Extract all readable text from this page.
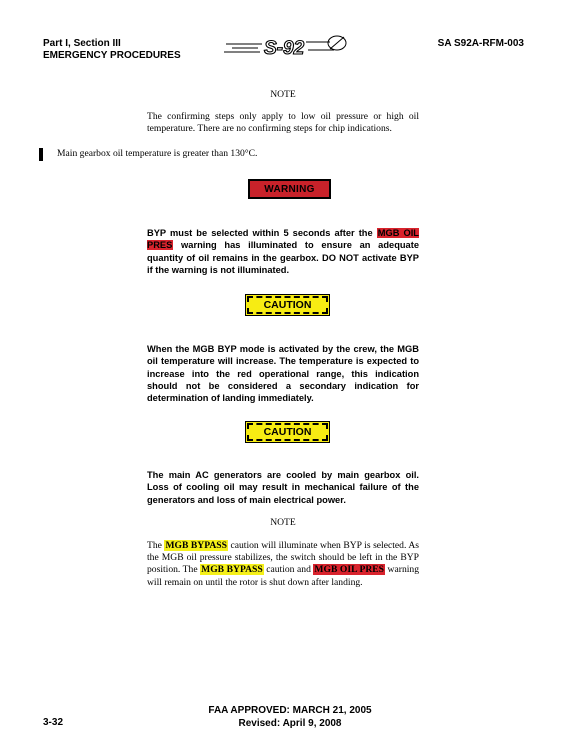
Part I, Section III
EMERGENCY PROCEDURES	S-92	SA S92A-RFM-003
NOTE
The confirming steps only apply to low oil pressure or high oil temperature. There are no confirming steps for chip indications.
Main gearbox oil temperature is greater than 130°C.
WARNING
BYP must be selected within 5 seconds after the MGB OIL PRES warning has illuminated to ensure an adequate quantity of oil remains in the gearbox. DO NOT activate BYP if the warning is not illuminated.
CAUTION
When the MGB BYP mode is activated by the crew, the MGB oil temperature will increase. The temperature is expected to increase into the red operational range, this indication should not be considered a secondary indication for determination of landing immediately.
CAUTION
The main AC generators are cooled by main gearbox oil. Loss of cooling oil may result in mechanical failure of the generators and loss of main electrical power.
NOTE
The MGB BYPASS caution will illuminate when BYP is selected. As the MGB oil pressure stabilizes, the switch should be left in the BYP position. The MGB BYPASS caution and MGB OIL PRES warning will remain on until the rotor is shut down after landing.
3-32
FAA APPROVED: MARCH 21, 2005
Revised: April 9, 2008
